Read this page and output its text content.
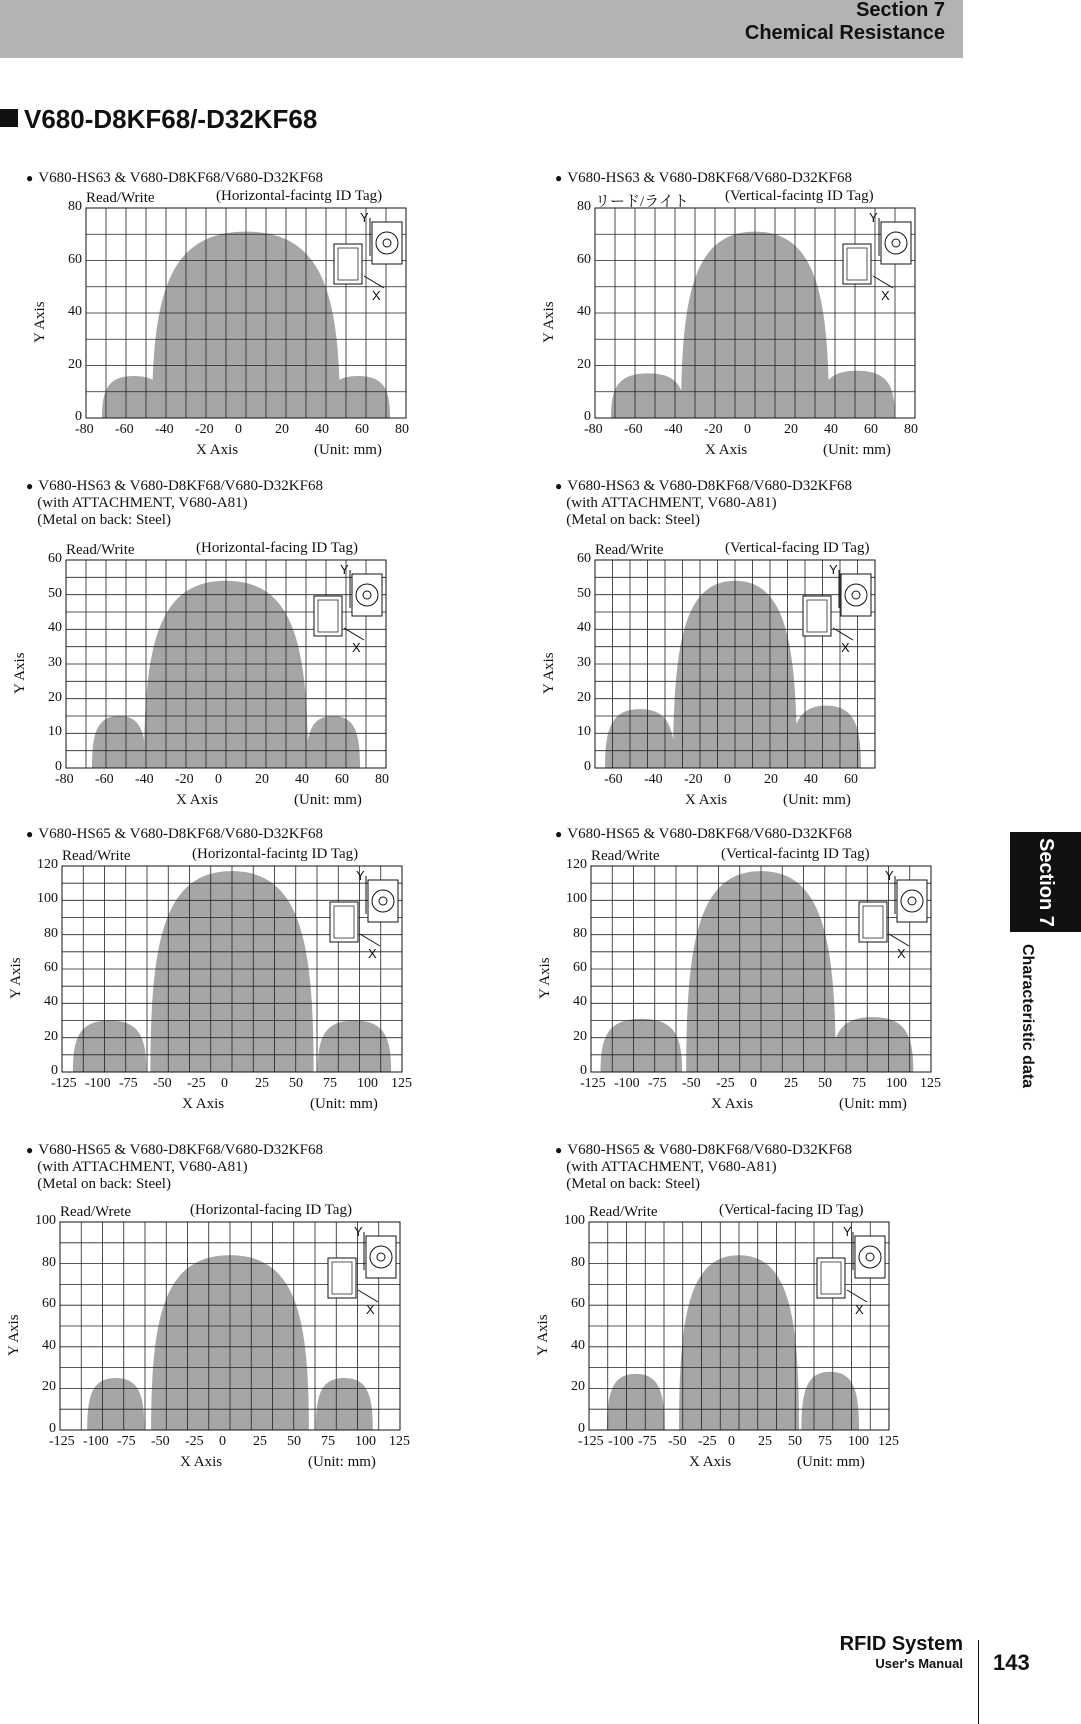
Section 7
Chemical Resistance
V680-D8KF68/-D32KF68
Section 7
Characteristic data
● V680-HS63 & V680-D8KF68/V680-D32KF68
Read/Write	(Horizontal-facintg ID Tag)
Y
X
-80 -60 -40 -20 0 20 40 60 80
0
20
40
60
80
Y Axis
X Axis	(Unit: mm)
● V680-HS63 & V680-D8KF68/V680-D32KF68
リード/ライト (Vertical-facintg ID Tag)
Y
X
-80 -60 -40 -20 0 20 40 60 80
0
20
40
60
80
Y Axis
X Axis	(Unit: mm)
● V680-HS63 & V680-D8KF68/V680-D32KF68
(with ATTACHMENT, V680-A81)
(Metal on back: Steel)
Read/Write	(Horizontal-facing ID Tag)
Y
X
-80 -60 -40 -20 0 20 40 60 80
0
10
20
30
40
50
60
Y Axis
X Axis	(Unit: mm)
● V680-HS63 & V680-D8KF68/V680-D32KF68
(with ATTACHMENT, V680-A81)
(Metal on back: Steel)
Read/Write	(Vertical-facing ID Tag)
Y
X
-60 -40 -20 0 20 40 60
0
10
20
30
40
50
60
Y Axis
X Axis	(Unit: mm)
● V680-HS65 & V680-D8KF68/V680-D32KF68
Read/Write	(Horizontal-facintg ID Tag)
Y
X
-125 -100 -75 -50 -25 0 25 50 75 100 125
0
20
40
60
80
100
120
Y Axis
X Axis	(Unit: mm)
● V680-HS65 & V680-D8KF68/V680-D32KF68
Read/Write	(Vertical-facintg ID Tag)
Y
X
-125 -100 -75 -50 -25 0 25 50 75 100 125
0
20
40
60
80
100
120
Y Axis
X Axis	(Unit: mm)
● V680-HS65 & V680-D8KF68/V680-D32KF68
(with ATTACHMENT, V680-A81)
(Metal on back: Steel)
Read/Wrete	(Horizontal-facing ID Tag)
Y
X
-125 -100 -75 -50 -25 0 25 50 75 100 125
0
20
40
60
80
100
Y Axis
X Axis	(Unit: mm)
● V680-HS65 & V680-D8KF68/V680-D32KF68
(with ATTACHMENT, V680-A81)
(Metal on back: Steel)
Read/Write	(Vertical-facing ID Tag)
Y
X
-125 -100 -75 -50 -25 0 25 50 75 100 125
0
20
40
60
80
100
Y Axis
X Axis	(Unit: mm)
RFID System
User's Manual 143
